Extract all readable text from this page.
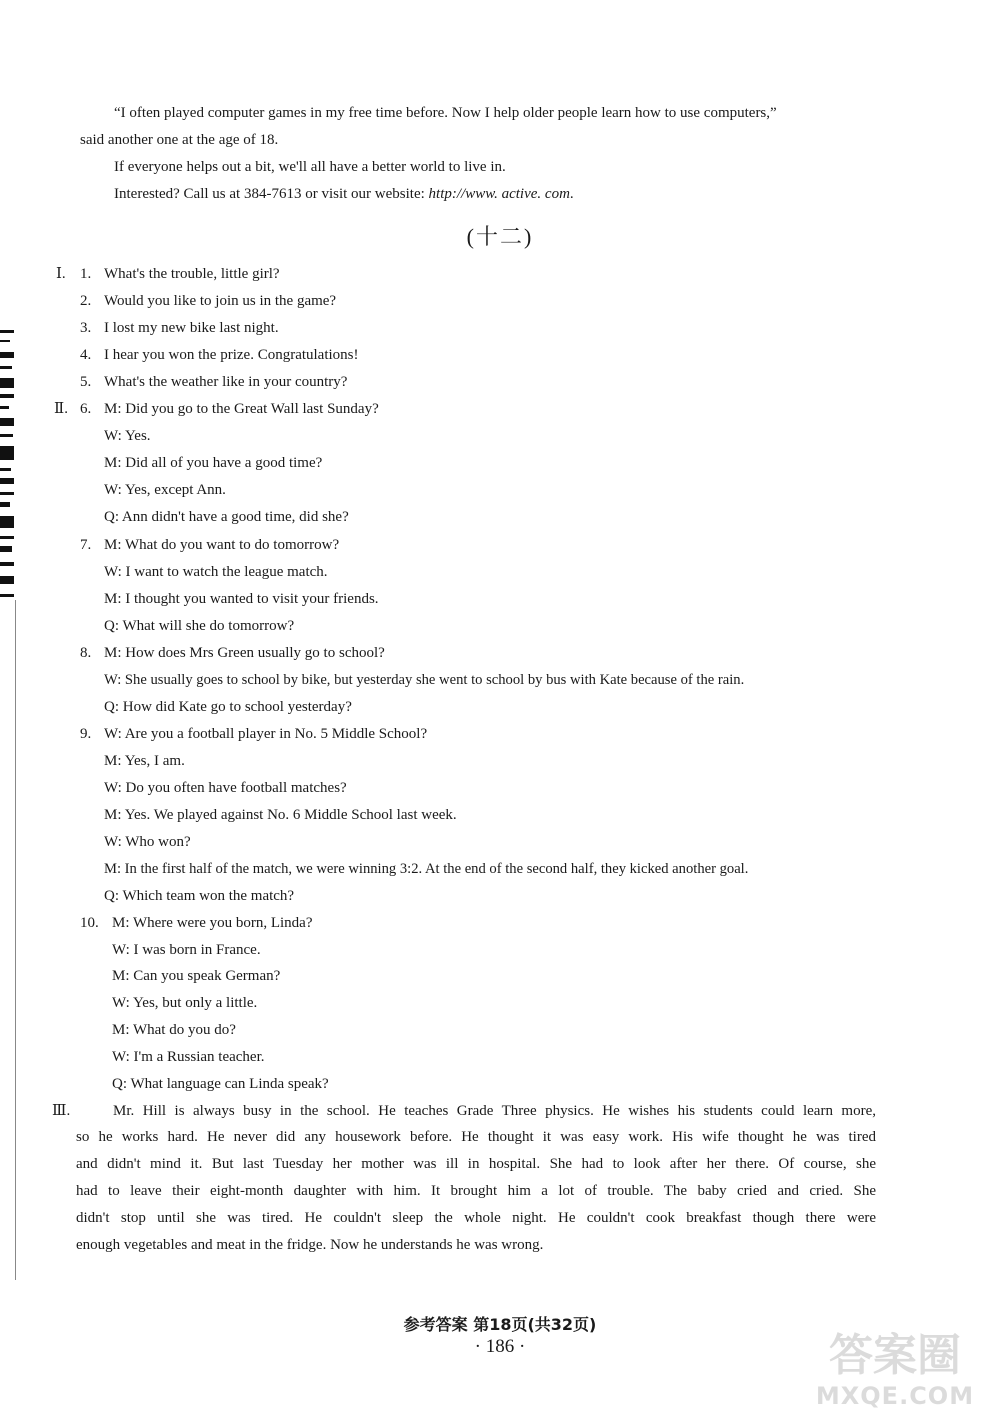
“I often played computer games in my free time before. Now I help older people learn how to use computers,”
said another one at the age of 18.
If everyone helps out a bit, we'll all have a better world to live in.
Interested? Call us at 384-7613 or visit our website: http://www. active. com.
(十二)
Ⅰ. 1. What's the trouble, little girl?
2. Would you like to join us in the game?
3. I lost my new bike last night.
4. I hear you won the prize. Congratulations!
5. What's the weather like in your country?
Ⅱ. 6. M: Did you go to the Great Wall last Sunday?
W: Yes.
M: Did all of you have a good time?
W: Yes, except Ann.
Q: Ann didn't have a good time, did she?
7. M: What do you want to do tomorrow?
W: I want to watch the league match.
M: I thought you wanted to visit your friends.
Q: What will she do tomorrow?
8. M: How does Mrs Green usually go to school?
W: She usually goes to school by bike, but yesterday she went to school by bus with Kate because of the rain.
Q: How did Kate go to school yesterday?
9. W: Are you a football player in No. 5 Middle School?
M: Yes, I am.
W: Do you often have football matches?
M: Yes. We played against No. 6 Middle School last week.
W: Who won?
M: In the first half of the match, we were winning 3:2. At the end of the second half, they kicked another goal.
Q: Which team won the match?
10. M: Where were you born, Linda?
W: I was born in France.
M: Can you speak German?
W: Yes, but only a little.
M: What do you do?
W: I'm a Russian teacher.
Q: What language can Linda speak?
Ⅲ.	Mr. Hill is always busy in the school. He teaches Grade Three physics. He wishes his students could learn more,
so he works hard. He never did any housework before. He thought it was easy work. His wife thought he was tired
and didn't mind it. But last Tuesday her mother was ill in hospital. She had to look after her there. Of course, she
had to leave their eight-month daughter with him. It brought him a lot of trouble. The baby cried and cried. She
didn't stop until she was tired. He couldn't sleep the whole night. He couldn't cook breakfast though there were
enough vegetables and meat in the fridge. Now he understands he was wrong.
参考答案 第18页(共32页)
· 186 ·	答案圈
MXQE.COM
